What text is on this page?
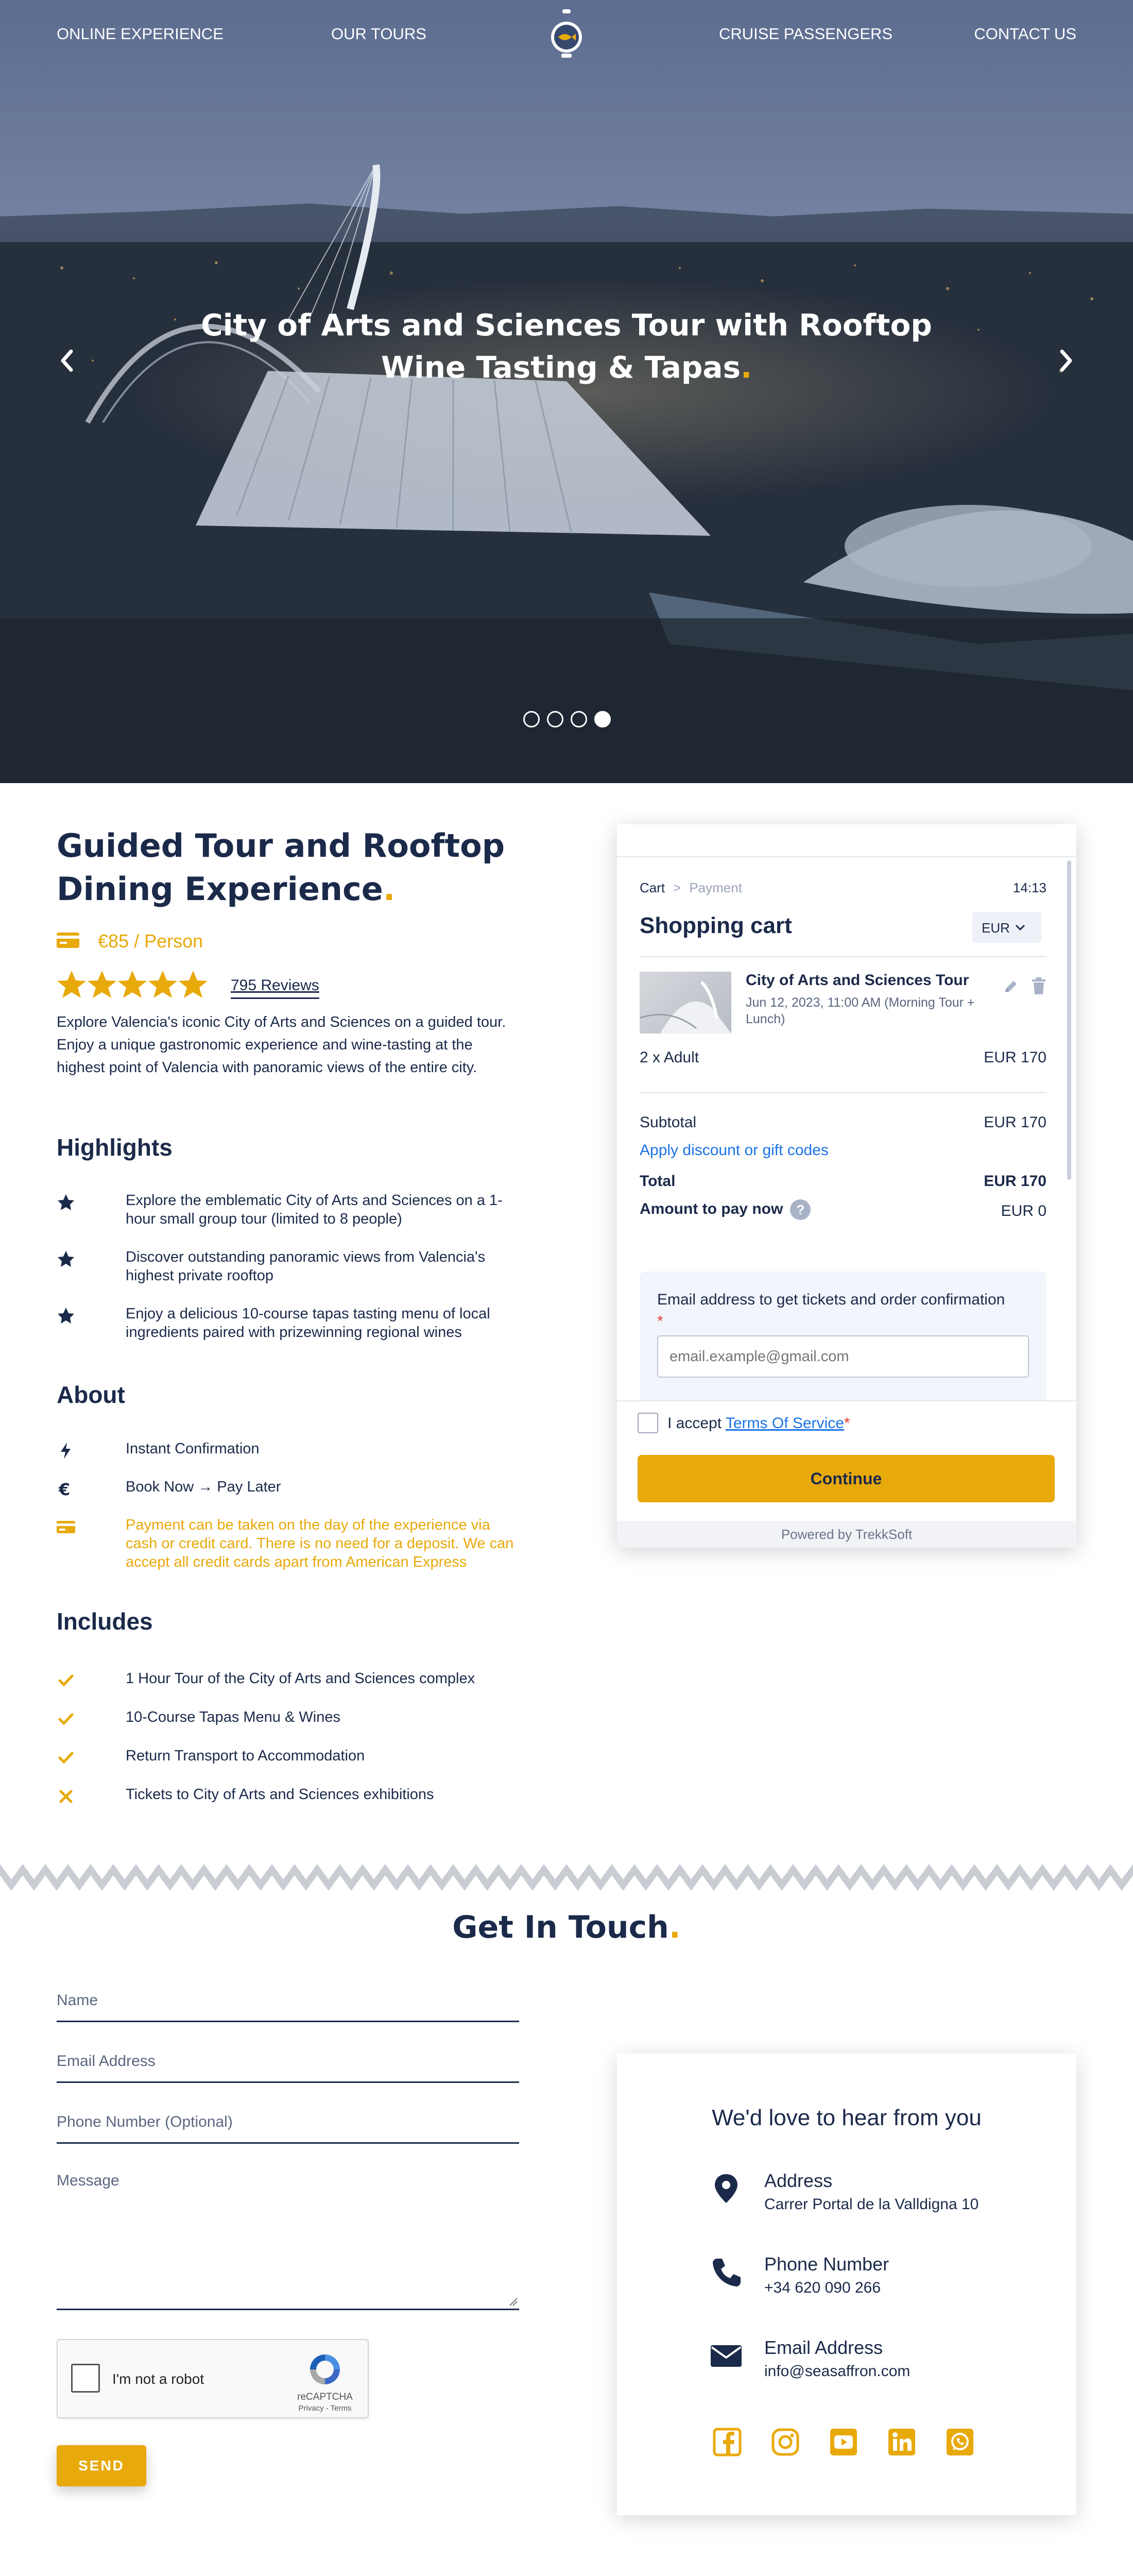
ONLINE EXPERIENCE	OUR TOURS	CRUISE PASSENGERS	CONTACT US
City of Arts and Sciences Tour with Rooftop
Wine Tasting & Tapas.
Guided Tour and Rooftop
Dining Experience.
€85 / Person
795 Reviews

Explore Valencia's iconic City of Arts and Sciences on a guided tour. Enjoy a unique gastronomic experience and wine-tasting at the highest point of Valencia with panoramic views of the entire city.

Highlights
Explore the emblematic City of Arts and Sciences on a 1-hour small group tour (limited to 8 people)
Discover outstanding panoramic views from Valencia's highest private rooftop
Enjoy a delicious 10-course tapas tasting menu of local ingredients paired with prizewinning regional wines
About
Instant Confirmation
€	Book Now → Pay Later
Payment can be taken on the day of the experience via cash or credit card. There is no need for a deposit. We can accept all credit cards apart from American Express
Includes
1 Hour Tour of the City of Arts and Sciences complex
10-Course Tapas Menu & Wines
Return Transport to Accommodation
Tickets to City of Arts and Sciences exhibitions
Cart > Payment	14:13
Shopping cart	EUR
City of Arts and Sciences Tour
Jun 12, 2023, 11:00 AM (Morning Tour + Lunch)
2 x Adult	EUR 170
Subtotal	EUR 170
Apply discount or gift codes
Total	EUR 170
Amount to pay now ?	EUR 0
Email address to get tickets and order confirmation
*
email.example@gmail.com
I accept Terms Of Service*
Continue
Powered by TrekkSoft
Get In Touch.
Name
Email Address
Phone Number (Optional)
Message
I'm not a robot
reCAPTCHA
Privacy - Terms
SEND
We'd love to hear from you
Address
Carrer Portal de la Valldigna 10
Phone Number
+34 620 090 266
Email Address
info@seasaffron.com
